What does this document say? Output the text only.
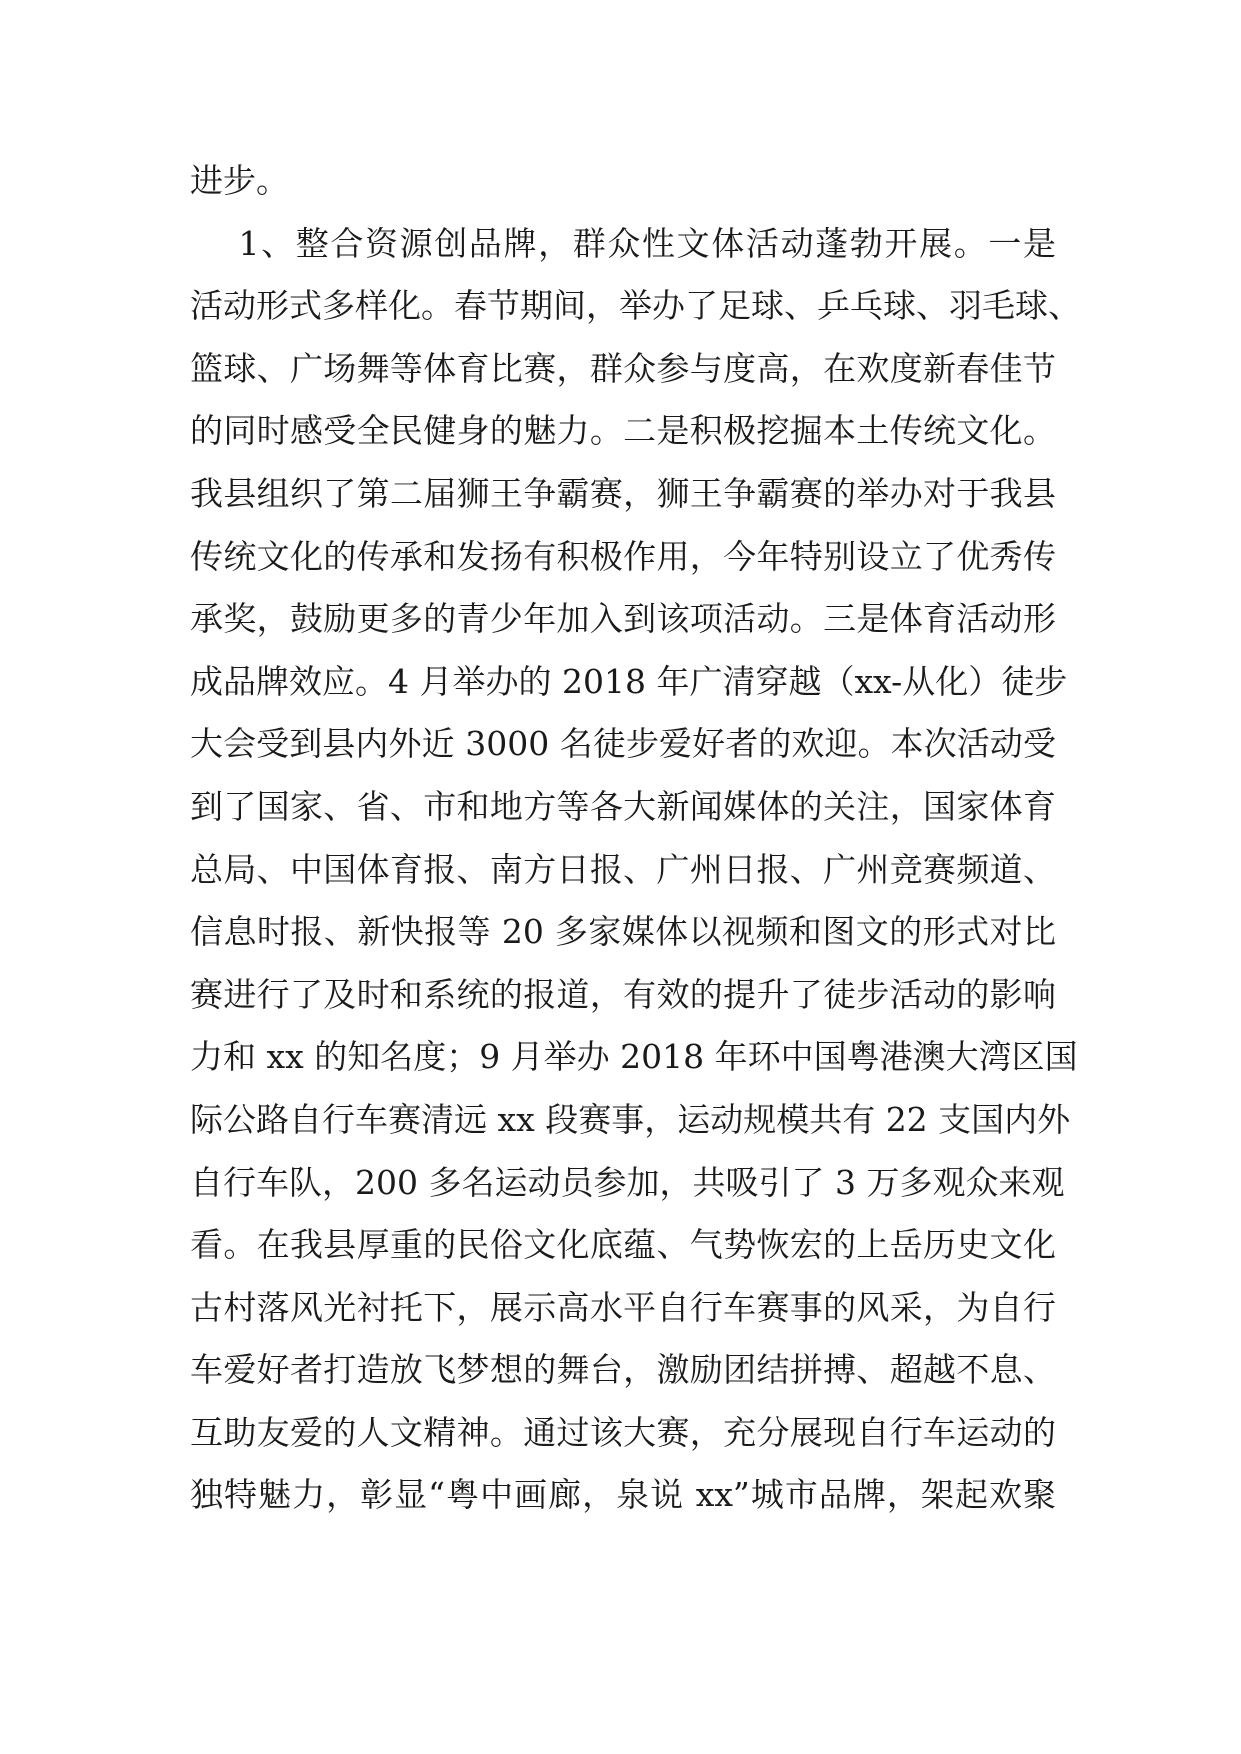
进步。
1、整合资源创品牌，群众性文体活动蓬勃开展。一是
活动形式多样化。春节期间，举办了足球、乒乓球、羽毛球、
篮球、广场舞等体育比赛，群众参与度高，在欢度新春佳节
的同时感受全民健身的魅力。二是积极挖掘本土传统文化。
我县组织了第二届狮王争霸赛，狮王争霸赛的举办对于我县
传统文化的传承和发扬有积极作用，今年特别设立了优秀传
承奖，鼓励更多的青少年加入到该项活动。三是体育活动形
成品牌效应。4 月举办的 2018 年广清穿越（xx-从化）徒步
大会受到县内外近 3000 名徒步爱好者的欢迎。本次活动受
到了国家、省、市和地方等各大新闻媒体的关注，国家体育
总局、中国体育报、南方日报、广州日报、广州竞赛频道、
信息时报、新快报等 20 多家媒体以视频和图文的形式对比
赛进行了及时和系统的报道，有效的提升了徒步活动的影响
力和 xx 的知名度；9 月举办 2018 年环中国粤港澳大湾区国
际公路自行车赛清远 xx 段赛事，运动规模共有 22 支国内外
自行车队，200 多名运动员参加，共吸引了 3 万多观众来观
看。在我县厚重的民俗文化底蕴、气势恢宏的上岳历史文化
古村落风光衬托下，展示高水平自行车赛事的风采，为自行
车爱好者打造放飞梦想的舞台，激励团结拼搏、超越不息、
互助友爱的人文精神。通过该大赛，充分展现自行车运动的
独特魅力，彰显“粤中画廊，泉说 xx”城市品牌，架起欢聚
